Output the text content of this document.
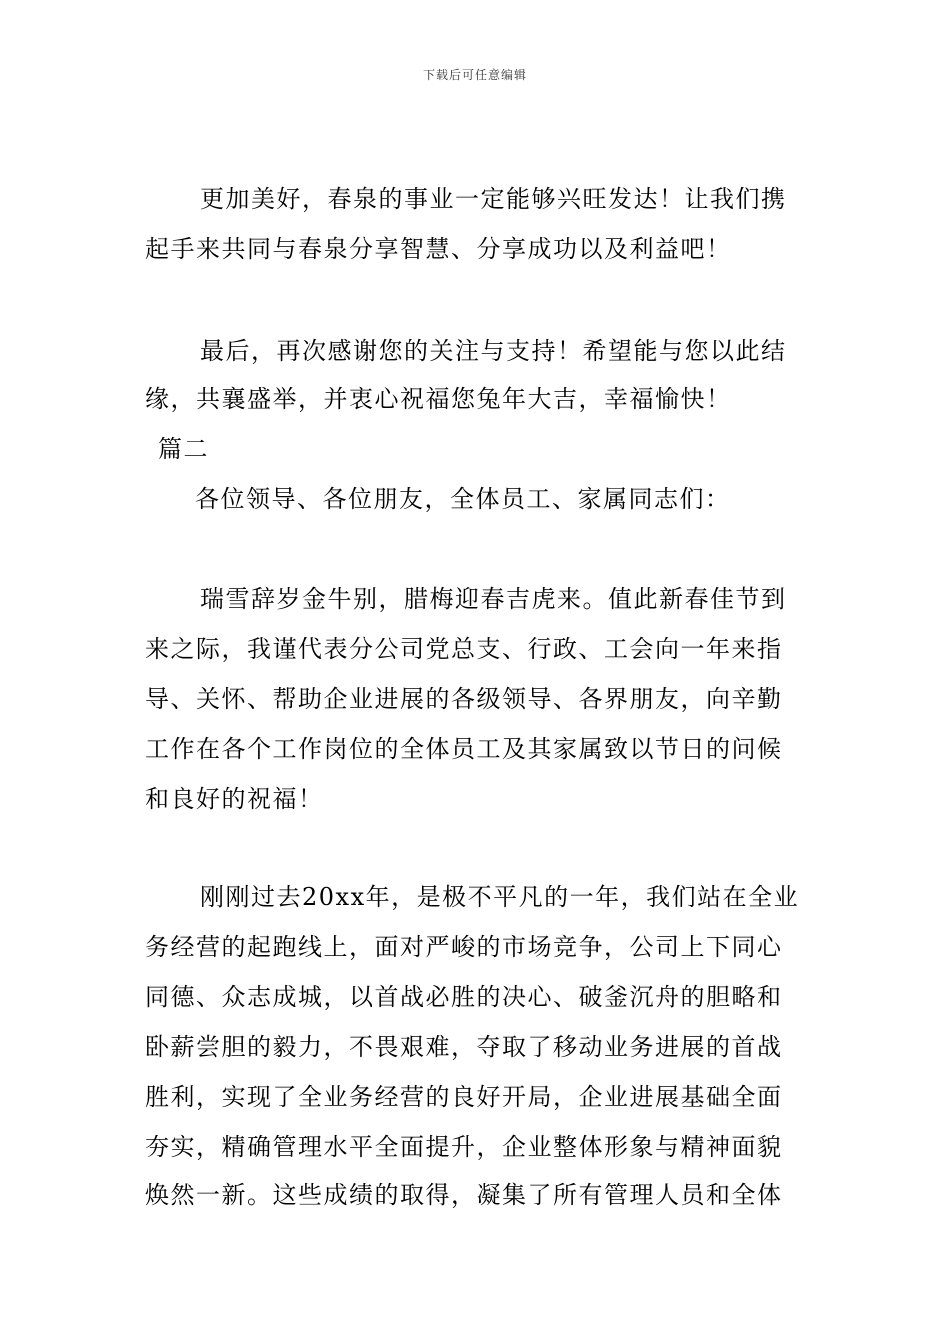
下载后可任意编辑
更加美好，春泉的事业一定能够兴旺发达！让我们携
起手来共同与春泉分享智慧、分享成功以及利益吧！
最后，再次感谢您的关注与支持！希望能与您以此结
缘，共襄盛举，并衷心祝福您兔年大吉，幸福愉快！
篇二
各位领导、各位朋友，全体员工、家属同志们：
瑞雪辞岁金牛别，腊梅迎春吉虎来。值此新春佳节到
来之际，我谨代表分公司党总支、行政、工会向一年来指
导、关怀、帮助企业进展的各级领导、各界朋友，向辛勤
工作在各个工作岗位的全体员工及其家属致以节日的问候
和良好的祝福！
刚刚过去20xx年，是极不平凡的一年，我们站在全业
务经营的起跑线上，面对严峻的市场竞争，公司上下同心
同德、众志成城，以首战必胜的决心、破釜沉舟的胆略和
卧薪尝胆的毅力，不畏艰难，夺取了移动业务进展的首战
胜利，实现了全业务经营的良好开局，企业进展基础全面
夯实，精确管理水平全面提升，企业整体形象与精神面貌
焕然一新。这些成绩的取得，凝集了所有管理人员和全体
